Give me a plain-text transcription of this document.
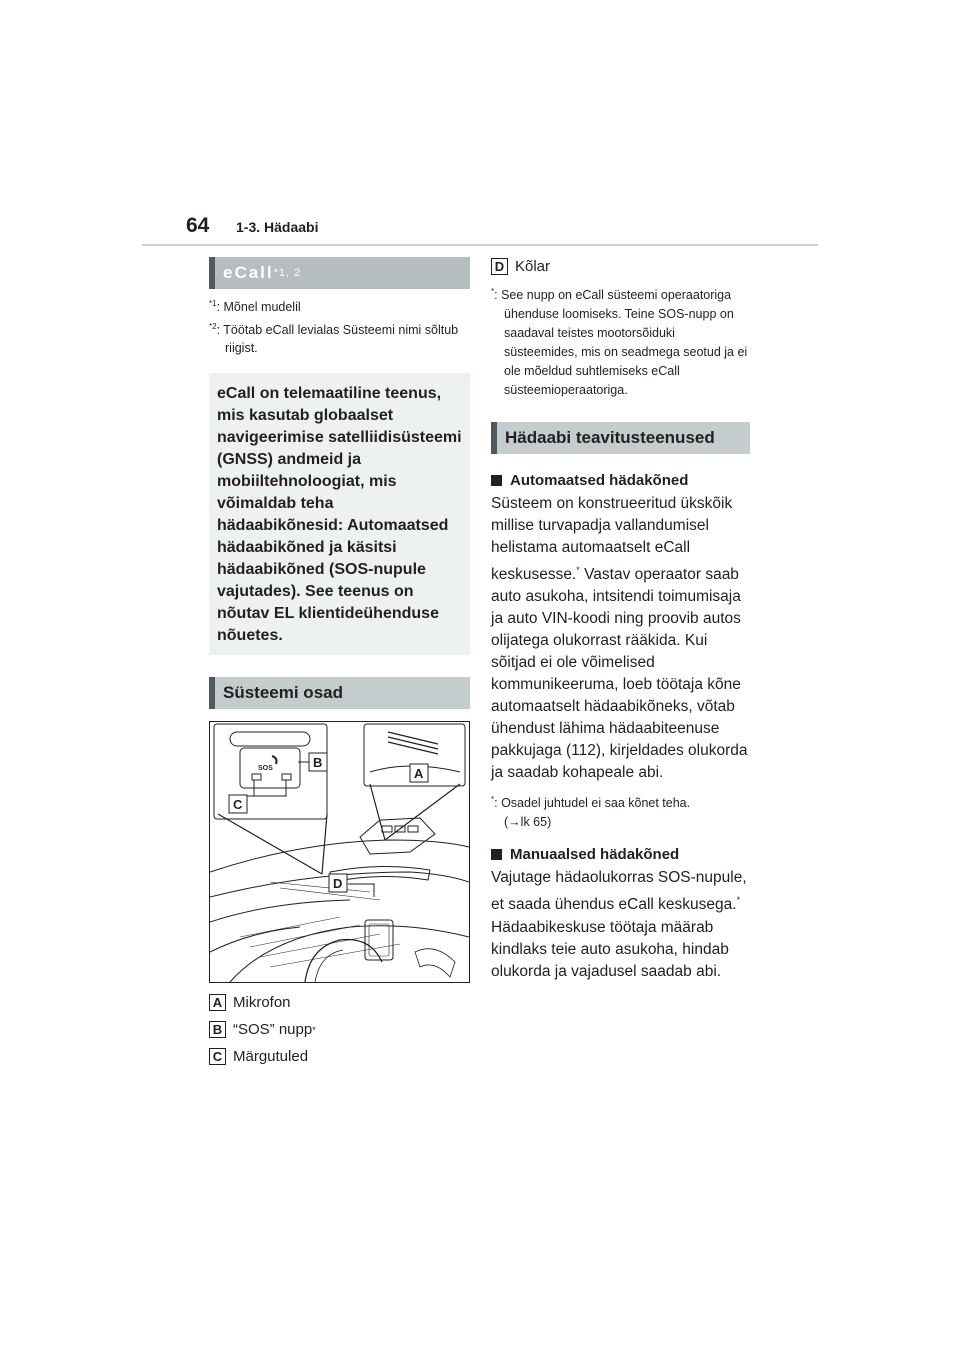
64 1-3. Hädaabi
eCall *1, 2

$^{*1}$: Mõnel mudelil

$^{*2}$: Töötab eCall levialas Süsteemi nimi sõltub riigist.

eCall on telemaatiline teenus, mis kasutab globaalset navigeerimise satelliidisüsteemi (GNSS) andmeid ja mobiiltehnoloogiat, mis võimaldab teha hädaabikõnesid: Automaatsed hädaabikõned ja käsitsi hädaabikõned (SOS-nupule vajutades). See teenus on nõutav EL klientideühenduse nõuetes.
Süsteemi osad
SOS	B
A
C
D
A Mikrofon
B “SOS” nupp *
C Märgutuled
D Kõlar

*: See nupp on eCall süsteemi operaatoriga ühenduse loomiseks. Teine SOS-nupp on saadaval teistes mootorsõiduki süsteemides, mis on seadmega seotud ja ei ole mõeldud suhtlemiseks eCall süsteemioperaatoriga.

Hädaabi teavitusteenused
Automaatsed hädakõned

Süsteem on konstrueeritud ükskõik millise turvapadja vallandumisel helistama automaatselt eCall keskusesse.* Vastav operaator saab auto asukoha, intsitendi toimumisaja ja auto VIN-koodi ning proovib autos olijatega olukorrast rääkida. Kui sõitjad ei ole võimelised kommunikeeruma, loeb töötaja kõne automaatselt hädaabikõneks, võtab ühendust lähima hädaabiteenuse pakkujaga (112), kirjeldades olukorda ja saadab kohapeale abi.

*: Osadel juhtudel ei saa kõnet teha.
(→lk 65)

Manuaalsed hädakõned

Vajutage hädaolukorras SOS-nupule, et saada ühendus eCall keskusega.* Hädaabikeskuse töötaja määrab kindlaks teie auto asukoha, hindab olukorda ja vajadusel saadab abi.
